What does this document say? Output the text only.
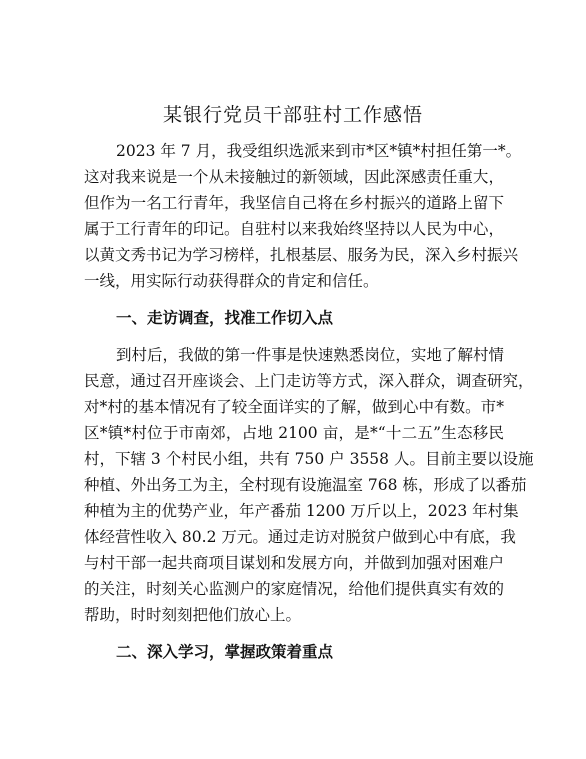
某银行党员干部驻村工作感悟
2023 年 7 月，我受组织选派来到市*区*镇*村担任第一*。
这对我来说是一个从未接触过的新领域，因此深感责任重大，
但作为一名工行青年，我坚信自己将在乡村振兴的道路上留下
属于工行青年的印记。自驻村以来我始终坚持以人民为中心，
以黄文秀书记为学习榜样，扎根基层、服务为民，深入乡村振兴
一线，用实际行动获得群众的肯定和信任。
一、走访调查，找准工作切入点
到村后，我做的第一件事是快速熟悉岗位，实地了解村情
民意，通过召开座谈会、上门走访等方式，深入群众，调查研究，
对*村的基本情况有了较全面详实的了解，做到心中有数。市*
区*镇*村位于市南郊，占地 2100 亩，是*“十二五”生态移民
村，下辖 3 个村民小组，共有 750 户 3558 人。目前主要以设施
种植、外出务工为主，全村现有设施温室 768 栋，形成了以番茄
种植为主的优势产业，年产番茄 1200 万斤以上，2023 年村集
体经营性收入 80.2 万元。通过走访对脱贫户做到心中有底，我
与村干部一起共商项目谋划和发展方向，并做到加强对困难户
的关注，时刻关心监测户的家庭情况，给他们提供真实有效的
帮助，时时刻刻把他们放心上。
二、深入学习，掌握政策着重点
